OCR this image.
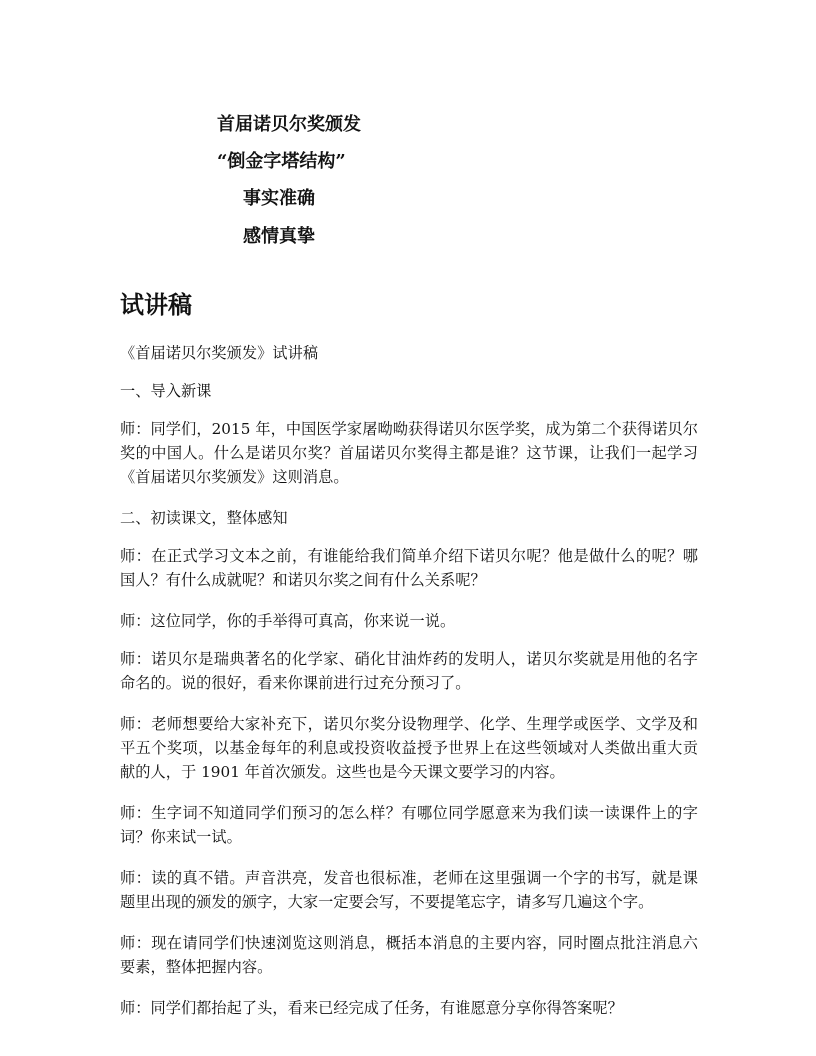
首届诺贝尔奖颁发
“倒金字塔结构”
事实准确
感情真挚
试讲稿

《首届诺贝尔奖颁发》试讲稿

一、导入新课

师：同学们，2015 年，中国医学家屠呦呦获得诺贝尔医学奖，成为第二个获得诺贝尔奖的中国人。什么是诺贝尔奖？首届诺贝尔奖得主都是谁？这节课，让我们一起学习《首届诺贝尔奖颁发》这则消息。

二、初读课文，整体感知

师：在正式学习文本之前，有谁能给我们简单介绍下诺贝尔呢？他是做什么的呢？哪国人？有什么成就呢？和诺贝尔奖之间有什么关系呢？

师：这位同学，你的手举得可真高，你来说一说。

师：诺贝尔是瑞典著名的化学家、硝化甘油炸药的发明人，诺贝尔奖就是用他的名字命名的。说的很好，看来你课前进行过充分预习了。

师：老师想要给大家补充下，诺贝尔奖分设物理学、化学、生理学或医学、文学及和平五个奖项，以基金每年的利息或投资收益授予世界上在这些领域对人类做出重大贡献的人，于 1901 年首次颁发。这些也是今天课文要学习的内容。

师：生字词不知道同学们预习的怎么样？有哪位同学愿意来为我们读一读课件上的字词？你来试一试。

师：读的真不错。声音洪亮，发音也很标准，老师在这里强调一个字的书写，就是课题里出现的颁发的颁字，大家一定要会写，不要提笔忘字，请多写几遍这个字。

师：现在请同学们快速浏览这则消息，概括本消息的主要内容，同时圈点批注消息六要素，整体把握内容。

师：同学们都抬起了头，看来已经完成了任务，有谁愿意分享你得答案呢？
